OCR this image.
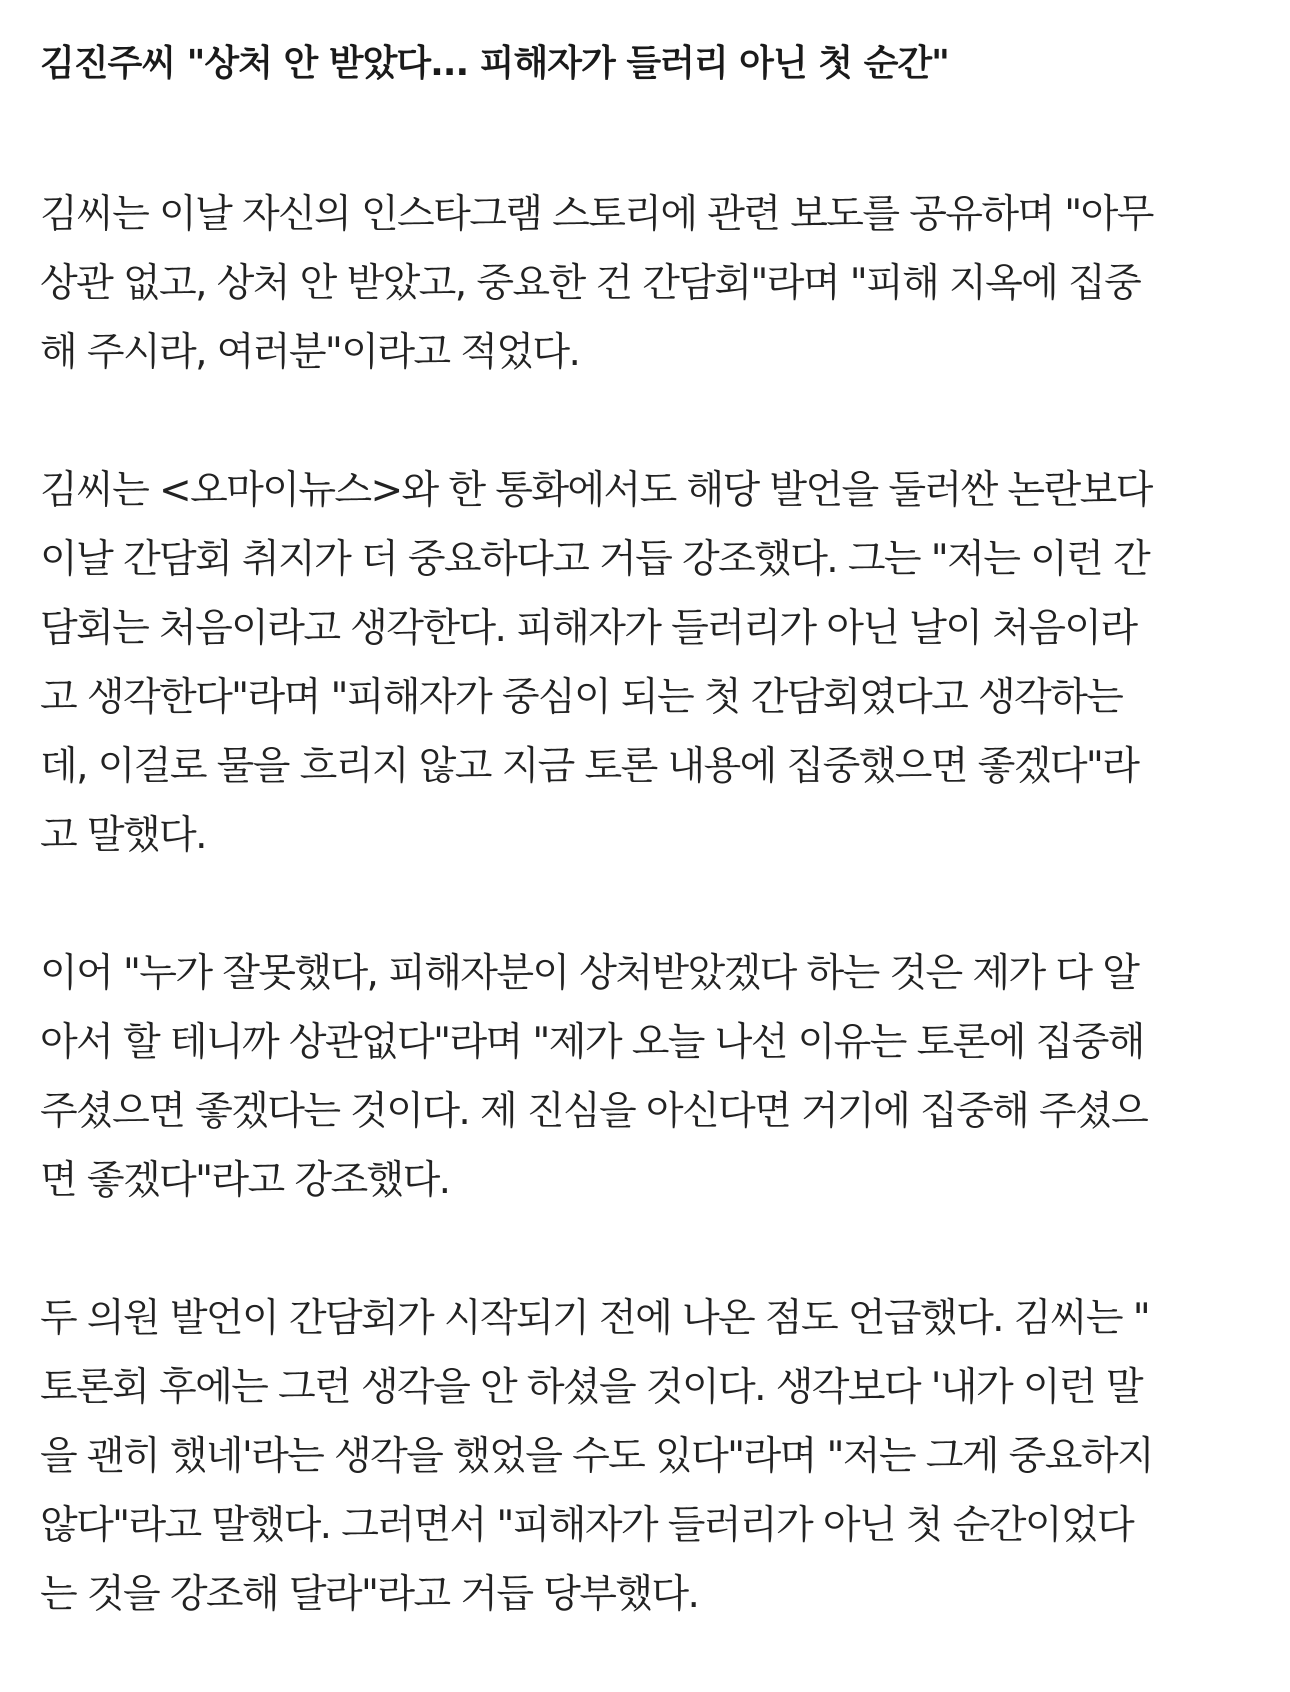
김진주씨 "상처 안 받았다... 피해자가 들러리 아닌 첫 순간"

김씨는 이날 자신의 인스타그램 스토리에 관련 보도를 공유하며 "아무
상관 없고, 상처 안 받았고, 중요한 건 간담회"라며 "피해 지옥에 집중
해 주시라, 여러분"이라고 적었다.

김씨는 <오마이뉴스>와 한 통화에서도 해당 발언을 둘러싼 논란보다
이날 간담회 취지가 더 중요하다고 거듭 강조했다. 그는 "저는 이런 간
담회는 처음이라고 생각한다. 피해자가 들러리가 아닌 날이 처음이라
고 생각한다"라며 "피해자가 중심이 되는 첫 간담회였다고 생각하는
데, 이걸로 물을 흐리지 않고 지금 토론 내용에 집중했으면 좋겠다"라
고 말했다.

이어 "누가 잘못했다, 피해자분이 상처받았겠다 하는 것은 제가 다 알
아서 할 테니까 상관없다"라며 "제가 오늘 나선 이유는 토론에 집중해
주셨으면 좋겠다는 것이다. 제 진심을 아신다면 거기에 집중해 주셨으
면 좋겠다"라고 강조했다.

두 의원 발언이 간담회가 시작되기 전에 나온 점도 언급했다. 김씨는 "
토론회 후에는 그런 생각을 안 하셨을 것이다. 생각보다 '내가 이런 말
을 괜히 했네'라는 생각을 했었을 수도 있다"라며 "저는 그게 중요하지
않다"라고 말했다. 그러면서 "피해자가 들러리가 아닌 첫 순간이었다
는 것을 강조해 달라"라고 거듭 당부했다.
